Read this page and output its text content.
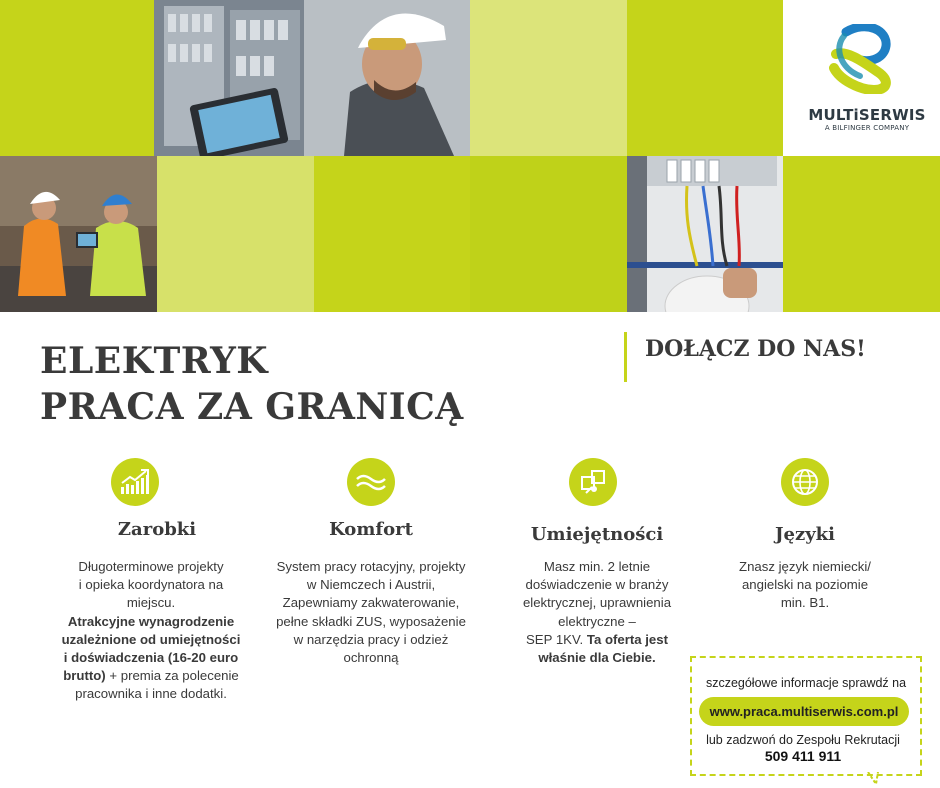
MULTiSERWIS
A BILFINGER COMPANY
ELEKTRYK
PRACA ZA GRANICĄ
DOŁĄCZ DO NAS!
Zarobki
Długoterminowe projekty
i opieka koordynatora na
miejscu.
Atrakcyjne wynagrodzenie
uzależnione od umiejętności
i doświadczenia (16-20 euro
brutto) + premia za polecenie
pracownika i inne dodatki.
Komfort
System pracy rotacyjny, projekty
w Niemczech i Austrii,
Zapewniamy zakwaterowanie,
pełne składki ZUS, wyposażenie
w narzędzia pracy i odzież
ochronną
Umiejętności
Masz min. 2 letnie
doświadczenie w branży
elektrycznej, uprawnienia
elektryczne –
SEP 1KV. Ta oferta jest
właśnie dla Ciebie.
Języki
Znasz język niemiecki/
angielski na poziomie
min. B1.
szczegółowe informacje sprawdź na
www.praca.multiserwis.com.pl
lub zadzwoń do Zespołu Rekrutacji
509 411 911
